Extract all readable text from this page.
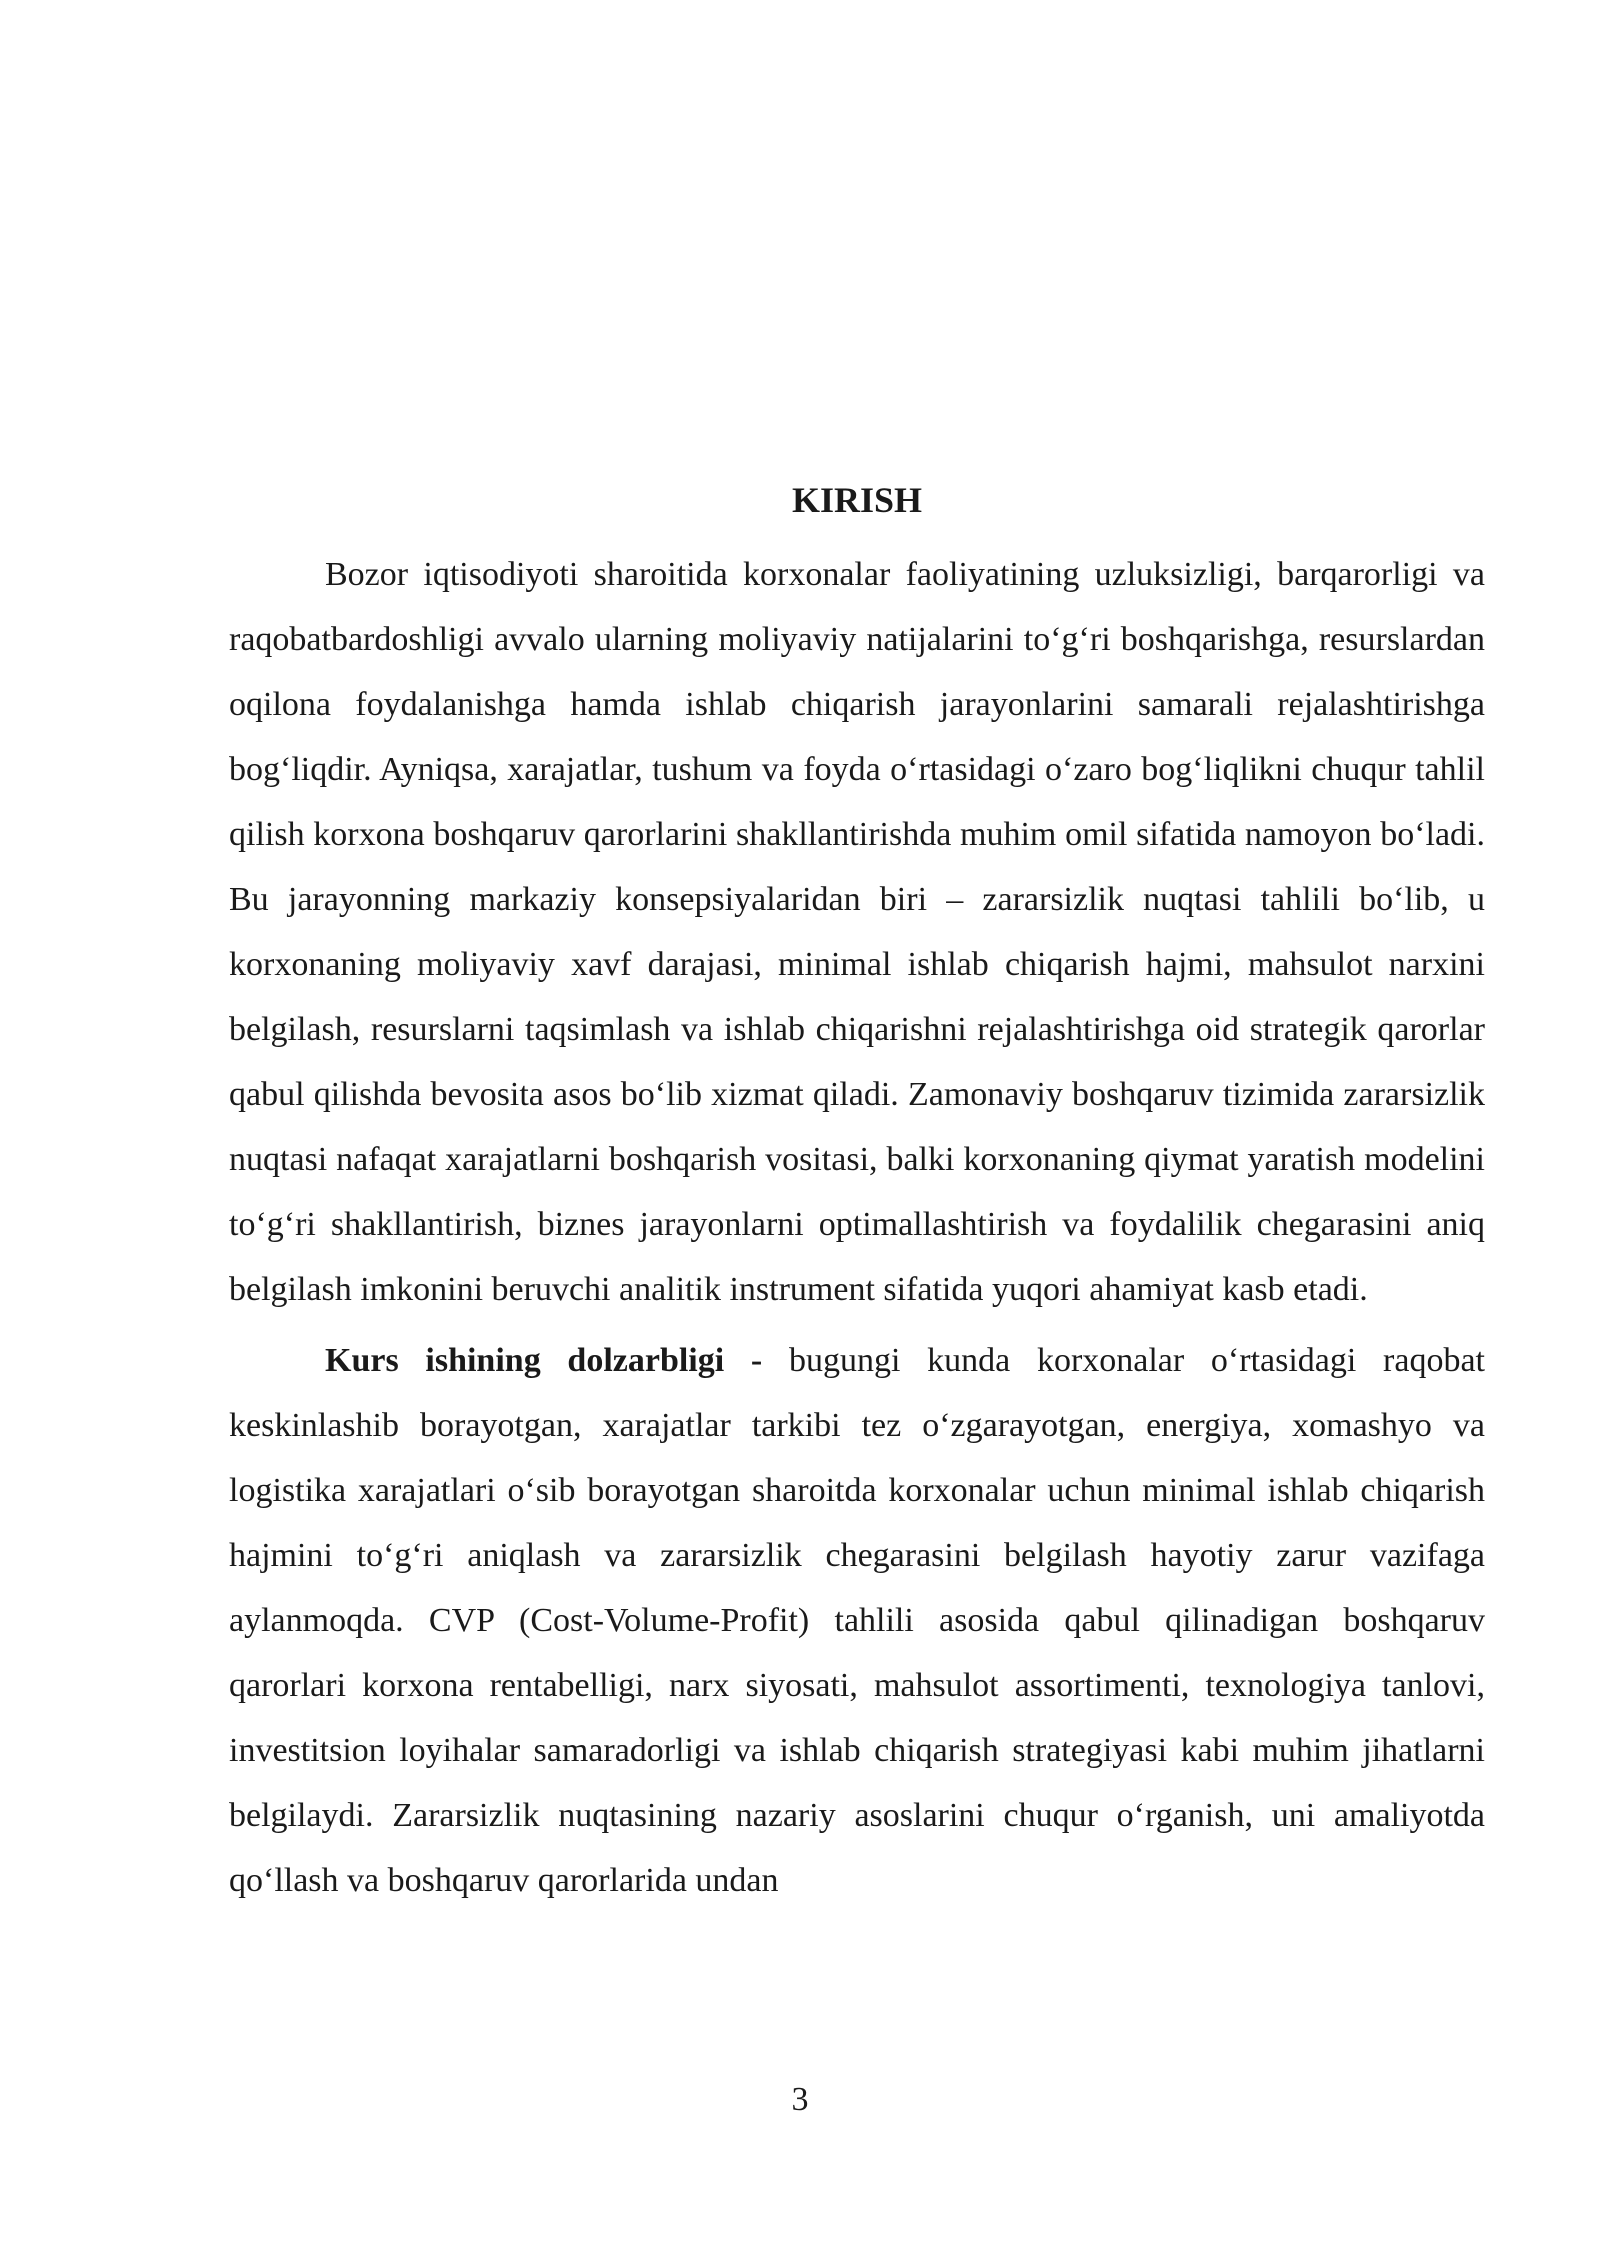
KIRISH

Bozor iqtisodiyoti sharoitida korxonalar faoliyatining uzluksizligi, barqarorligi va raqobatbardoshligi avvalo ularning moliyaviy natijalarini to‘g‘ri boshqarishga, resurslardan oqilona foydalanishga hamda ishlab chiqarish jarayonlarini samarali rejalashtirishga bog‘liqdir. Ayniqsa, xarajatlar, tushum va foyda o‘rtasidagi o‘zaro bog‘liqlikni chuqur tahlil qilish korxona boshqaruv qarorlarini shakllantirishda muhim omil sifatida namoyon bo‘ladi. Bu jarayonning markaziy konsepsiyalaridan biri – zararsizlik nuqtasi tahlili bo‘lib, u korxonaning moliyaviy xavf darajasi, minimal ishlab chiqarish hajmi, mahsulot narxini belgilash, resurslarni taqsimlash va ishlab chiqarishni rejalashtirishga oid strategik qarorlar qabul qilishda bevosita asos bo‘lib xizmat qiladi. Zamonaviy boshqaruv tizimida zararsizlik nuqtasi nafaqat xarajatlarni boshqarish vositasi, balki korxonaning qiymat yaratish modelini to‘g‘ri shakllantirish, biznes jarayonlarni optimallashtirish va foydalilik chegarasini aniq belgilash imkonini beruvchi analitik instrument sifatida yuqori ahamiyat kasb etadi.

Kurs ishining dolzarbligi - bugungi kunda korxonalar o‘rtasidagi raqobat keskinlashib borayotgan, xarajatlar tarkibi tez o‘zgarayotgan, energiya, xomashyo va logistika xarajatlari o‘sib borayotgan sharoitda korxonalar uchun minimal ishlab chiqarish hajmini to‘g‘ri aniqlash va zararsizlik chegarasini belgilash hayotiy zarur vazifaga aylanmoqda. CVP (Cost-Volume-Profit) tahlili asosida qabul qilinadigan boshqaruv qarorlari korxona rentabelligi, narx siyosati, mahsulot assortimenti, texnologiya tanlovi, investitsion loyihalar samaradorligi va ishlab chiqarish strategiyasi kabi muhim jihatlarni belgilaydi. Zararsizlik nuqtasining nazariy asoslarini chuqur o‘rganish, uni amaliyotda qo‘llash va boshqaruv qarorlarida undan

3
